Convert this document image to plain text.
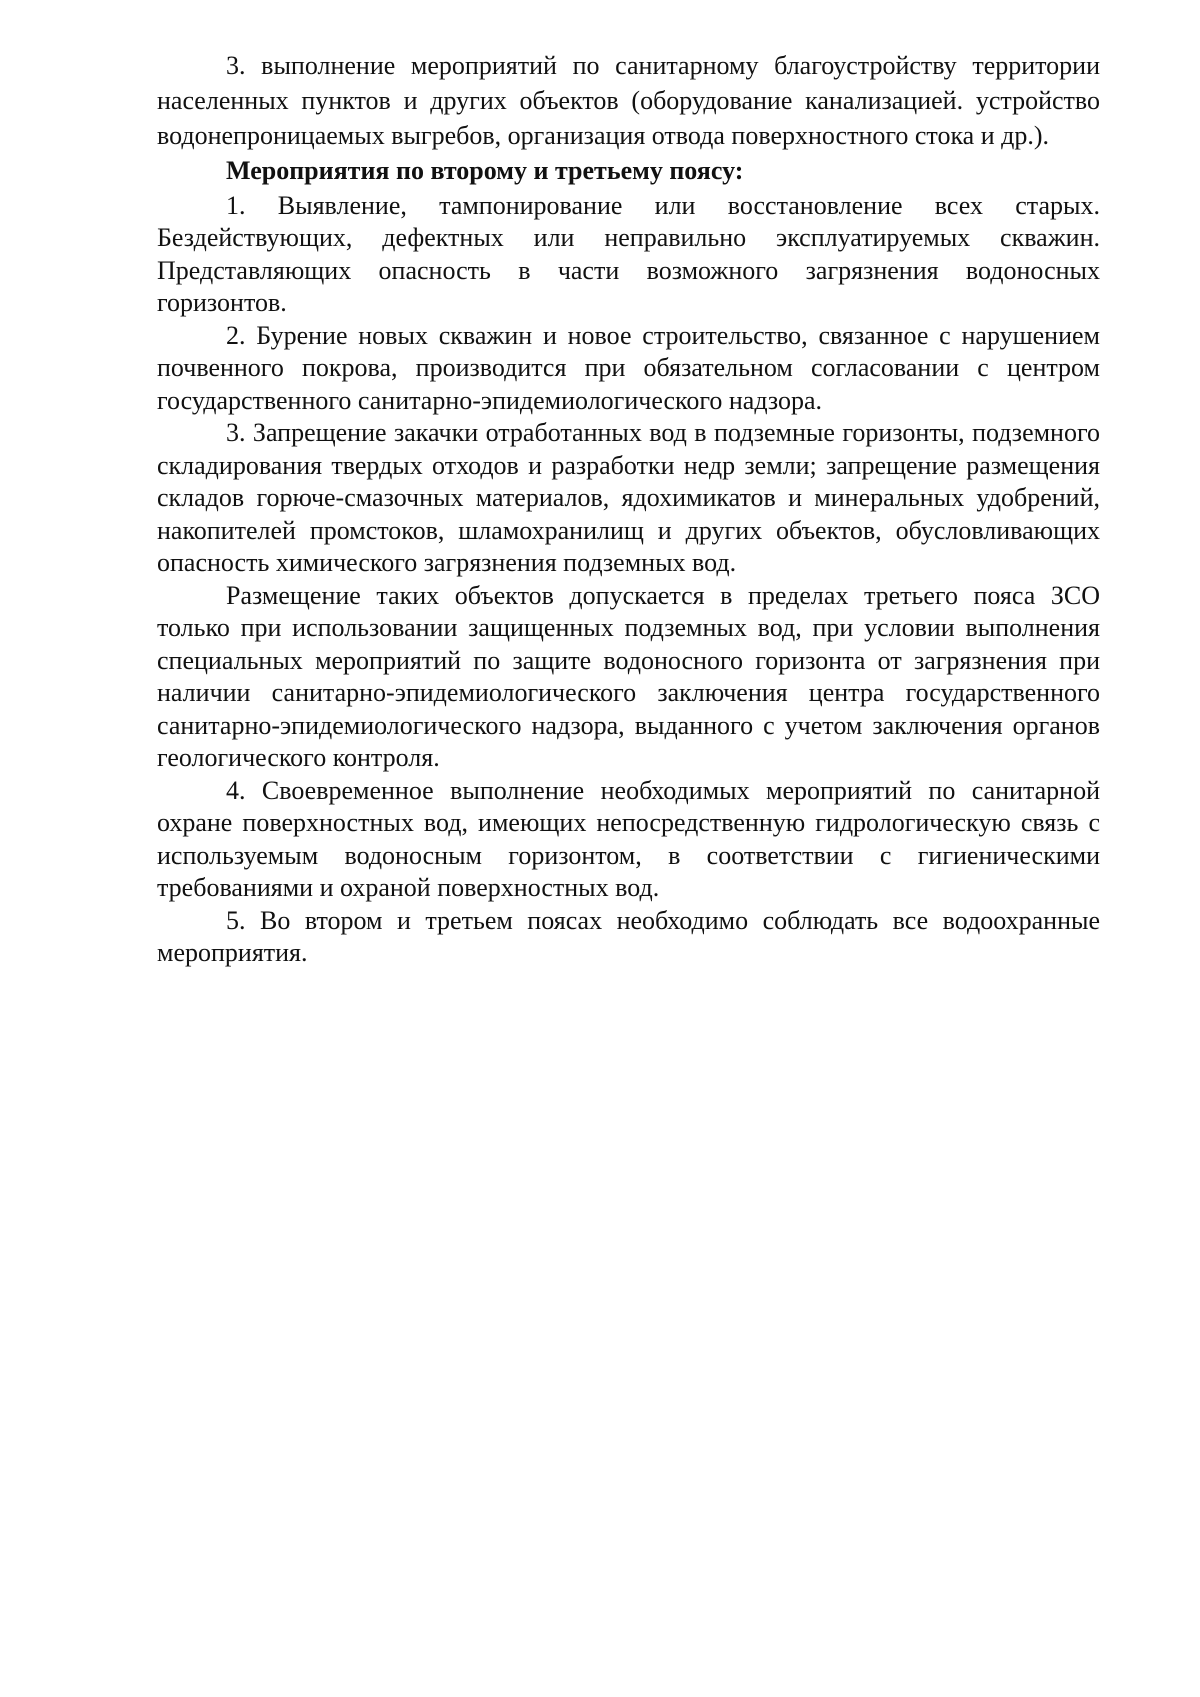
3. выполнение мероприятий по санитарному благоустройству территории населенных пунктов и других объектов (оборудование канализацией. устройство водонепроницаемых выгребов, организация отвода поверхностного стока и др.).

Мероприятия по второму и третьему поясу:

1. Выявление, тампонирование или восстановление всех старых. Бездействующих, дефектных или неправильно эксплуатируемых скважин. Представляющих опасность в части возможного загрязнения водоносных горизонтов.

2. Бурение новых скважин и новое строительство, связанное с нарушением почвенного покрова, производится при обязательном согласовании с центром государственного санитарно-эпидемиологического надзора.

3. Запрещение закачки отработанных вод в подземные горизонты, подземного складирования твердых отходов и разработки недр земли; запрещение размещения складов горюче-смазочных материалов, ядохимикатов и минеральных удобрений, накопителей промстоков, шламохранилищ и других объектов, обусловливающих опасность химического загрязнения подземных вод.

Размещение таких объектов допускается в пределах третьего пояса ЗСО только при использовании защищенных подземных вод, при условии выполнения специальных мероприятий по защите водоносного горизонта от загрязнения при наличии санитарно-эпидемиологического заключения центра государственного санитарно-эпидемиологического надзора, выданного с учетом заключения органов геологического контроля.

4. Своевременное выполнение необходимых мероприятий по санитарной охране поверхностных вод, имеющих непосредственную гидрологическую связь с используемым водоносным горизонтом, в соответствии с гигиеническими требованиями и охраной поверхностных вод.

5. Во втором и третьем поясах необходимо соблюдать все водоохранные мероприятия.
